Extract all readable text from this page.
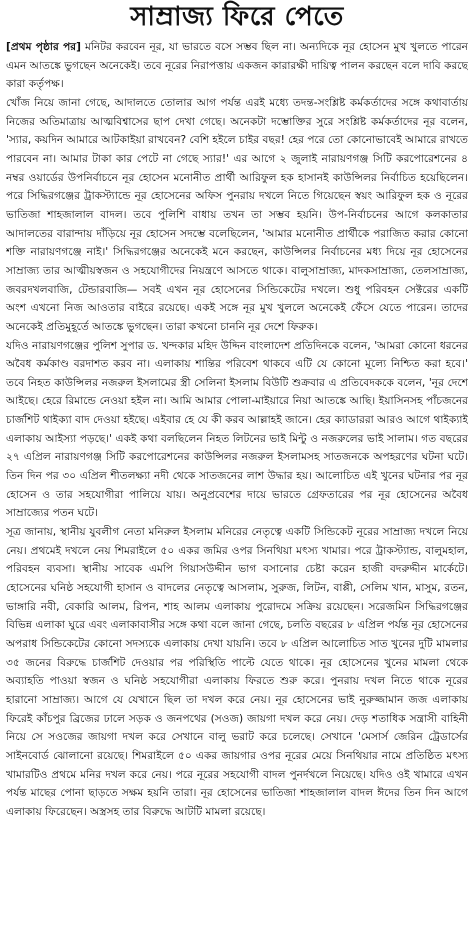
সাম্রাজ্য ফিরে পেতে

[প্রথম পৃষ্ঠার পর] মনিটর করবেন নূর, যা ভারতে বসে সম্ভব ছিল না। অন্যদিকে নূর হোসেন মুখ খুলতে পারেন এমন আতঙ্কে ভুগছেন অনেকেই। তবে নূরের নিরাপত্তায় একজন কারারক্ষী দায়িত্ব পালন করছেন বলে দাবি করছে কারা কর্তৃপক্ষ।

খোঁজ নিয়ে জানা গেছে, আদালতে তোলার আগ পর্যন্ত এরই মধ্যে তদন্ত-সংশ্লিষ্ট কর্মকর্তাদের সঙ্গে কথাবার্তায় নিজের অতিমাত্রায় আত্মবিশ্বাসের ছাপ দেখা গেছে। অনেকটা দম্ভোক্তির সুরে সংশ্লিষ্ট কর্মকর্তাদের নূর বলেন, 'স্যার, কয়দিন আমারে আটকাইয়া রাখবেন? বেশি হইলে চাইর বছর! হের পরে তো কোনোভাবেই আমারে রাখতে পারবেন না। আমার টাকা কার পেটে না গেছে স্যার!' এর আগে ২ জুলাই নারায়ণগঞ্জ সিটি করপোরেশনের ৪ নম্বর ওয়ার্ডের উপনির্বাচনে নূর হোসেন মনোনীত প্রার্থী আরিফুল হক হাসানই কাউন্সিলর নির্বাচিত হয়েছিলেন। পরে সিদ্ধিরগঞ্জের ট্রাকস্ট্যান্ডে নূর হোসেনের অফিস পুনরায় দখলে নিতে গিয়েছেন স্বয়ং আরিফুল হক ও নূরের ভাতিজা শাহজালাল বাদল। তবে পুলিশি বাধায় তখন তা সম্ভব হয়নি। উপ-নির্বাচনের আগে কলকাতার আদালতের বারান্দায় দাঁড়িয়ে নূর হোসেন সদম্ভে বলেছিলেন, 'আমার মনোনীত প্রার্থীকে পরাজিত করার কোনো শক্তি নারায়ণগঞ্জে নাই।' সিদ্ধিরগঞ্জের অনেকেই মনে করছেন, কাউন্সিলর নির্বাচনের মধ্য দিয়ে নূর হোসেনের সাম্রাজ্য তার আত্মীয়স্বজন ও সহযোগীদের নিয়ন্ত্রণে আসতে থাকে। বালুসাম্রাজ্য, মাদকসাম্রাজ্য, তেলসাম্রাজ্য, জবরদখলবাজি, টেন্ডারবাজি— সবই এখন নূর হোসেনের সিন্ডিকেটের দখলে। শুধু পরিবহন সেক্টরের একটি অংশ এখনো নিজ আওতার বাইরে রয়েছে। একই সঙ্গে নূর মুখ খুললে অনেকেই ফেঁসে যেতে পারেন। তাদের অনেকেই প্রতিমুহূর্তে আতঙ্কে ভুগছেন। তারা কখনো চাননি নূর দেশে ফিরুক।

যদিও নারায়ণগঞ্জের পুলিশ সুপার ড. খন্দকার মহিদ উদ্দিন বাংলাদেশ প্রতিদিনকে বলেন, 'আমরা কোনো ধরনের অবৈধ কর্মকাণ্ড বরদাশত করব না। এলাকায় শান্তির পরিবেশ থাকবে এটি যে কোনো মূল্যে নিশ্চিত করা হবে।' তবে নিহত কাউন্সিলর নজরুল ইসলামের স্ত্রী সেলিনা ইসলাম বিউটি শুক্রবার এ প্রতিবেদককে বলেন, 'নূর দেশে আইছে। হেরে রিমান্ডে নেওয়া হইল না। আমি আমার পোলা-মাইয়ারে নিয়া আতঙ্কে আছি। ইয়াসিনসহ পাঁচজনের চার্জশিট থাইক্যা বাদ দেওয়া হইছে। এইবার হে যে কী করব আল্লাহই জানে। হের ক্যাডাররা আরও আগে থাইক্যাই এলাকায় আইস্যা পড়ছে।' একই কথা বলছিলেন নিহত লিটনের ভাই মিন্টু ও নজরুলের ভাই সালাম। গত বছরের ২৭ এপ্রিল নারায়ণগঞ্জ সিটি করপোরেশনের কাউন্সিলর নজরুল ইসলামসহ সাতজনকে অপহরণের ঘটনা ঘটে। তিন দিন পর ৩০ এপ্রিল শীতলক্ষ্যা নদী থেকে সাতজনের লাশ উদ্ধার হয়। আলোচিত এই খুনের ঘটনার পর নূর হোসেন ও তার সহযোগীরা পালিয়ে যায়। অনুপ্রবেশের দায়ে ভারতে গ্রেফতারের পর নূর হোসেনের অবৈধ সাম্রাজ্যের পতন ঘটে।

সূত্র জানায়, স্থানীয় যুবলীগ নেতা মনিরুল ইসলাম মনিরের নেতৃত্বে একটি সিন্ডিকেট নূরের সাম্রাজ্য দখলে নিয়ে নেয়। প্রথমেই দখলে নেয় শিমরাইলে ৫০ একর জমির ওপর সিনথিয়া মৎস্য খামার। পরে ট্রাকস্ট্যান্ড, বালুমহাল, পরিবহন ব্যবসা। স্থানীয় সাবেক এমপি গিয়াসউদ্দীন ভাগ বসানোর চেষ্টা করেন হাজী বদরুদ্দীন মার্কেটে। হোসেনের ঘনিষ্ঠ সহযোগী হাসান ও বাদলের নেতৃত্বে আসলাম, সুরুজ, লিটন, বাপ্পী, সেলিম খান, মাসুম, রতন, ভাঙ্গারি নবী, বেকারি আলম, রিপন, শাহ আলম এলাকায় পুরোদমে সক্রিয় রয়েছেন। সরেজমিন সিদ্ধিরগঞ্জের বিভিন্ন এলাকা ঘুরে এবং এলাকাবাসীর সঙ্গে কথা বলে জানা গেছে, চলতি বছরের ৮ এপ্রিল পর্যন্ত নূর হোসেনের অপরাধ সিন্ডিকেটের কোনো সদস্যকে এলাকায় দেখা যায়নি। তবে ৮ এপ্রিল আলোচিত সাত খুনের দুটি মামলার ৩৫ জনের বিরুদ্ধে চার্জশিট দেওয়ার পর পরিস্থিতি পাল্টে যেতে থাকে। নূর হোসেনের খুনের মামলা থেকে অব্যাহতি পাওয়া স্বজন ও ঘনিষ্ঠ সহযোগীরা এলাকায় ফিরতে শুরু করে। পুনরায় দখল নিতে থাকে নূরের হারানো সাম্রাজ্য। আগে যে যেখানে ছিল তা দখল করে নেয়। নূর হোসেনের ভাই নুরুজ্জামান জজ এলাকায় ফিরেই কাঁচপুর ব্রিজের ঢালে সড়ক ও জনপথের (সওজ) জায়গা দখল করে নেয়। দেড় শতাধিক সন্ত্রাসী বাহিনী নিয়ে সে সওজের জায়গা দখল করে সেখানে বালু ভরাট করে চলেছে। সেখানে 'মেসার্স জেরিন ট্রেডার্সের সাইনবোর্ড ঝোলানো রয়েছে। শিমরাইলে ৫০ একর জায়গার ওপর নূরের মেয়ে সিনথিয়ার নামে প্রতিষ্ঠিত মৎস্য খামারটিও প্রথমে মনির দখল করে নেয়। পরে নূরের সহযোগী বাদল পুনর্দখলে নিয়েছে। যদিও ওই খামারে এখন পর্যন্ত মাছের পোনা ছাড়তে সক্ষম হয়নি তারা। নূর হোসেনের ভাতিজা শাহজালাল বাদল ঈদের তিন দিন আগে এলাকায় ফিরেছেন। অস্ত্রসহ তার বিরুদ্ধে আটটি মামলা রয়েছে।
